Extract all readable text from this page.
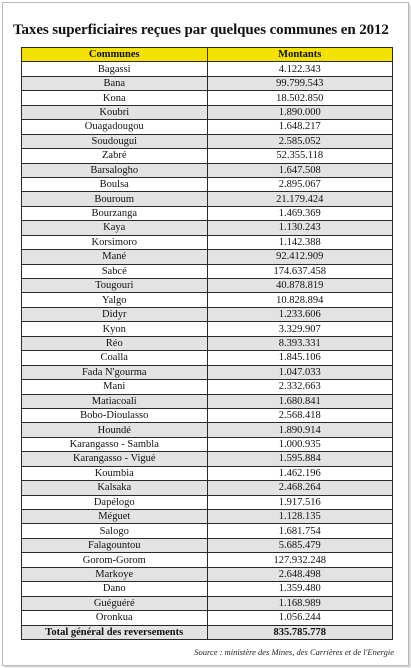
Taxes superficiaires reçues par quelques communes en 2012
Communes	Montants
Bagassi	4.122.343
Bana	99.799.543
Kona	18.502.850
Koubri	1.890.000
Ouagadougou	1.648.217
Soudougui	2.585.052
Zabré	52.355.118
Barsalogho	1.647.508
Boulsa	2.895.067
Bouroum	21.179.424
Bourzanga	1.469.369
Kaya	1.130.243
Korsimoro	1.142.388
Mané	92.412.909
Sabcé	174.637.458
Tougouri	40.878.819
Yalgo	10.828.894
Didyr	1.233.606
Kyon	3.329.907
Réo	8.393.331
Coalla	1.845.106
Fada N'gourma	1.047.033
Mani	2.332.663
Matiacoali	1.680.841
Bobo-Dioulasso	2.568.418
Houndé	1.890.914
Karangasso - Sambla	1.000.935
Karangasso - Vigué	1.595.884
Koumbia	1.462.196
Kalsaka	2.468.264
Dapélogo	1.917.516
Méguet	1.128.135
Salogo	1.681.754
Falagountou	5.685.479
Gorom-Gorom	127.932.248
Markoye	2.648.498
Dano	1.359.480
Guéguéré	1.168.989
Oronkua	1.056.244
Total général des reversements	835.785.778
Source : ministère des Mines, des Carrières et de l'Energie
